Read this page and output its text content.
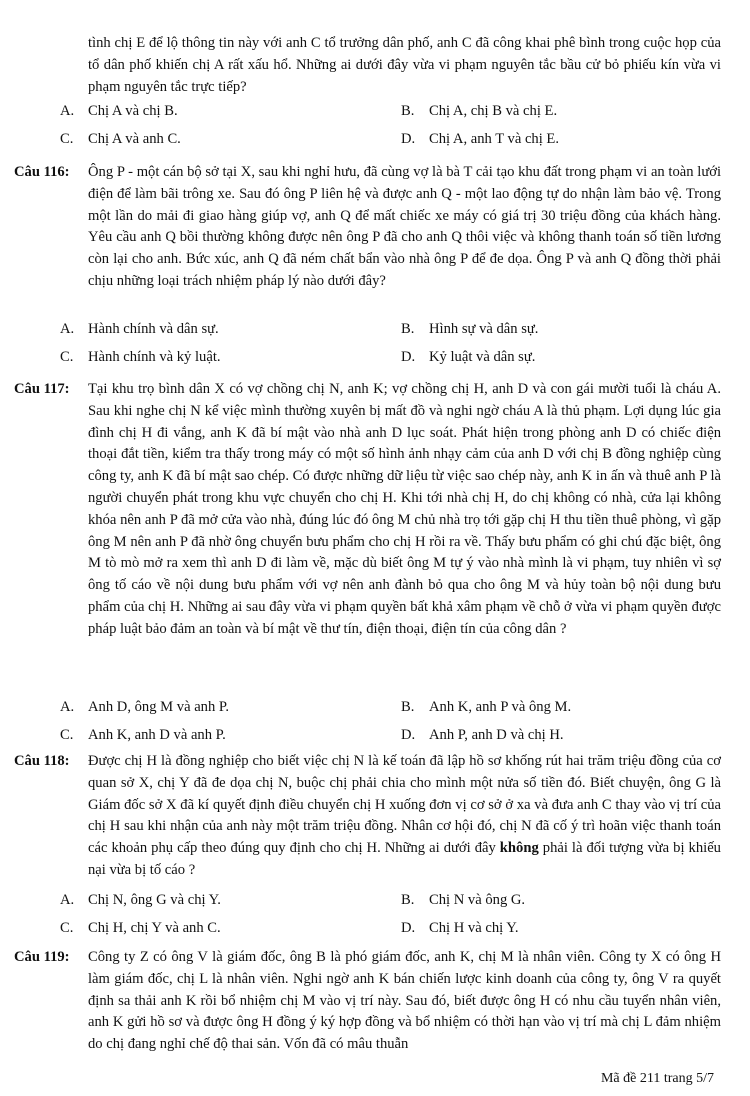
tình chị E để lộ thông tin này với anh C tổ trưởng dân phố, anh C đã công khai phê bình trong cuộc họp của tổ dân phố khiến chị A rất xấu hổ. Những ai dưới đây vừa vi phạm nguyên tắc bầu cử bỏ phiếu kín vừa vi phạm nguyên tắc trực tiếp?

A. Chị A và chị B.	B. Chị A, chị B và chị E.
C. Chị A và anh C.	D. Chị A, anh T và chị E.
Câu 116: Ông P - một cán bộ sở tại X, sau khi nghỉ hưu, đã cùng vợ là bà T cải tạo khu đất trong phạm vi an toàn lưới điện để làm bãi trông xe. Sau đó ông P liên hệ và được anh Q - một lao động tự do nhận làm bảo vệ. Trong một lần do mải đi giao hàng giúp vợ, anh Q để mất chiếc xe máy có giá trị 30 triệu đồng của khách hàng. Yêu cầu anh Q bồi thường không được nên ông P đã cho anh Q thôi việc và không thanh toán số tiền lương còn lại cho anh. Bức xúc, anh Q đã ném chất bẩn vào nhà ông P để đe dọa. Ông P và anh Q đồng thời phải chịu những loại trách nhiệm pháp lý nào dưới đây?

A. Hành chính và dân sự.	B. Hình sự và dân sự.
C. Hành chính và kỷ luật.	D. Kỷ luật và dân sự.
Câu 117: Tại khu trọ bình dân X có vợ chồng chị N, anh K; vợ chồng chị H, anh D và con gái mười tuổi là cháu A. Sau khi nghe chị N kể việc mình thường xuyên bị mất đồ và nghi ngờ cháu A là thủ phạm. Lợi dụng lúc gia đình chị H đi vắng, anh K đã bí mật vào nhà anh D lục soát. Phát hiện trong phòng anh D có chiếc điện thoại đắt tiền, kiểm tra thấy trong máy có một số hình ảnh nhạy cảm của anh D với chị B đồng nghiệp cùng công ty, anh K đã bí mật sao chép. Có được những dữ liệu từ việc sao chép này, anh K in ấn và thuê anh P là người chuyển phát trong khu vực chuyển cho chị H. Khi tới nhà chị H, do chị không có nhà, cửa lại không khóa nên anh P đã mở cửa vào nhà, đúng lúc đó ông M chủ nhà trọ tới gặp chị H thu tiền thuê phòng, vì gặp ông M nên anh P đã nhờ ông chuyển bưu phẩm cho chị H rồi ra về. Thấy bưu phẩm có ghi chú đặc biệt, ông M tò mò mở ra xem thì anh D đi làm về, mặc dù biết ông M tự ý vào nhà mình là vi phạm, tuy nhiên vì sợ ông tố cáo về nội dung bưu phẩm với vợ nên anh đành bỏ qua cho ông M và hủy toàn bộ nội dung bưu phẩm của chị H. Những ai sau đây vừa vi phạm quyền bất khả xâm phạm về chỗ ở vừa vi phạm quyền được pháp luật bảo đảm an toàn và bí mật về thư tín, điện thoại, điện tín của công dân ?

A. Anh D, ông M và anh P.	B. Anh K, anh P và ông M.
C. Anh K, anh D và anh P.	D. Anh P, anh D và chị H.
Câu 118: Được chị H là đồng nghiệp cho biết việc chị N là kế toán đã lập hồ sơ khống rút hai trăm triệu đồng của cơ quan sở X, chị Y đã đe dọa chị N, buộc chị phải chia cho mình một nửa số tiền đó. Biết chuyện, ông G là Giám đốc sở X đã kí quyết định điều chuyển chị H xuống đơn vị cơ sở ở xa và đưa anh C thay vào vị trí của chị H sau khi nhận của anh này một trăm triệu đồng. Nhân cơ hội đó, chị N đã cố ý trì hoãn việc thanh toán các khoản phụ cấp theo đúng quy định cho chị H. Những ai dưới đây không phải là đối tượng vừa bị khiếu nại vừa bị tố cáo ?

A. Chị N, ông G và chị Y.	B. Chị N và ông G.
C. Chị H, chị Y và anh C.	D. Chị H và chị Y.
Câu 119: Công ty Z có ông V là giám đốc, ông B là phó giám đốc, anh K, chị M là nhân viên. Công ty X có ông H làm giám đốc, chị L là nhân viên. Nghi ngờ anh K bán chiến lược kinh doanh của công ty, ông V ra quyết định sa thải anh K rồi bổ nhiệm chị M vào vị trí này. Sau đó, biết được ông H có nhu cầu tuyển nhân viên, anh K gửi hồ sơ và được ông H đồng ý ký hợp đồng và bổ nhiệm có thời hạn vào vị trí mà chị L đảm nhiệm do chị đang nghỉ chế độ thai sản. Vốn đã có mâu thuẫn

Mã đề 211 trang 5/7
